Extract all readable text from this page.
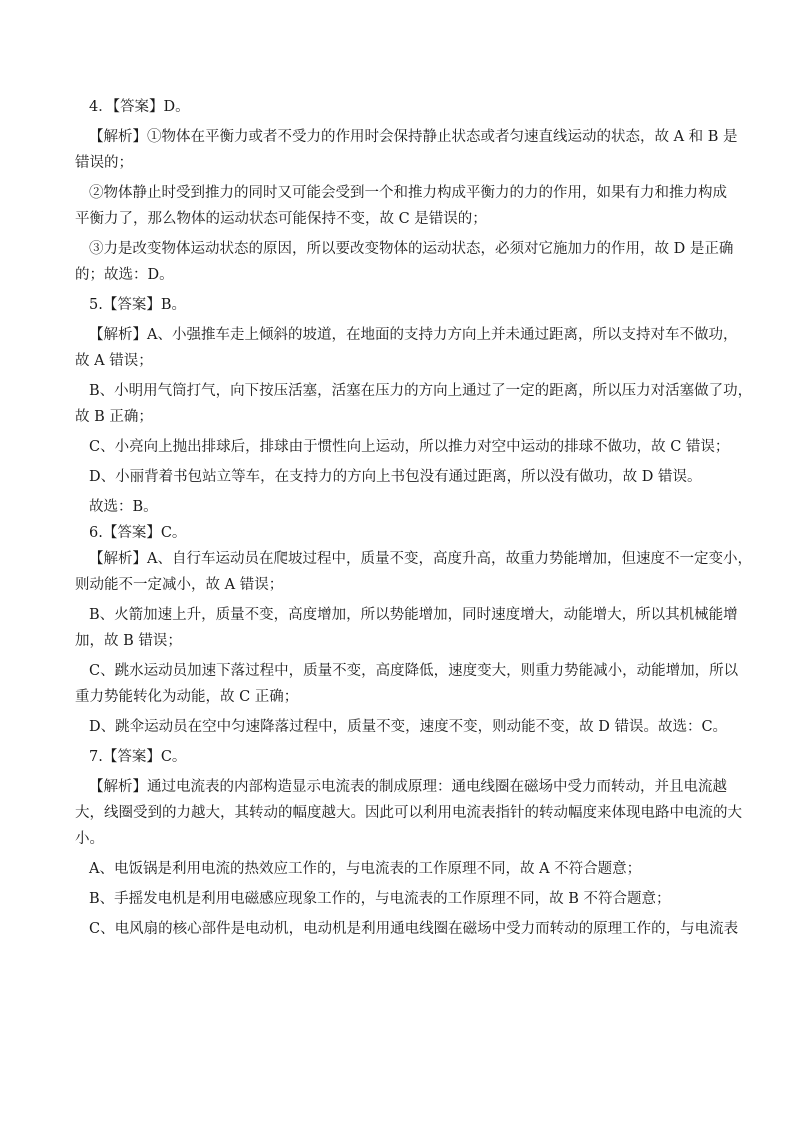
4．【答案】D。

【解析】①物体在平衡力或者不受力的作用时会保持静止状态或者匀速直线运动的状态，故 A 和 B 是

错误的；

②物体静止时受到推力的同时又可能会受到一个和推力构成平衡力的力的作用，如果有力和推力构成

平衡力了，那么物体的运动状态可能保持不变，故 C 是错误的；

③力是改变物体运动状态的原因，所以要改变物体的运动状态，必须对它施加力的作用，故 D 是正确

的；故选：D。

5.【答案】B。

【解析】A、小强推车走上倾斜的坡道，在地面的支持力方向上并未通过距离，所以支持对车不做功，

故 A 错误；

B、小明用气筒打气，向下按压活塞，活塞在压力的方向上通过了一定的距离，所以压力对活塞做了功，

故 B 正确；

C、小亮向上抛出排球后，排球由于惯性向上运动，所以推力对空中运动的排球不做功，故 C 错误；

D、小丽背着书包站立等车，在支持力的方向上书包没有通过距离，所以没有做功，故 D 错误。

故选：B。

6.【答案】C。

【解析】A、自行车运动员在爬坡过程中，质量不变，高度升高，故重力势能增加，但速度不一定变小，

则动能不一定减小，故 A 错误；

B、火箭加速上升，质量不变，高度增加，所以势能增加，同时速度增大，动能增大，所以其机械能增

加，故 B 错误；

C、跳水运动员加速下落过程中，质量不变，高度降低，速度变大，则重力势能减小，动能增加，所以

重力势能转化为动能，故 C 正确；

D、跳伞运动员在空中匀速降落过程中，质量不变，速度不变，则动能不变，故 D 错误。故选：C。

7.【答案】C。

【解析】通过电流表的内部构造显示电流表的制成原理：通电线圈在磁场中受力而转动，并且电流越

大，线圈受到的力越大，其转动的幅度越大。因此可以利用电流表指针的转动幅度来体现电路中电流的大

小。

A、电饭锅是利用电流的热效应工作的，与电流表的工作原理不同，故 A 不符合题意；

B、手摇发电机是利用电磁感应现象工作的，与电流表的工作原理不同，故 B 不符合题意；

C、电风扇的核心部件是电动机，电动机是利用通电线圈在磁场中受力而转动的原理工作的，与电流表
